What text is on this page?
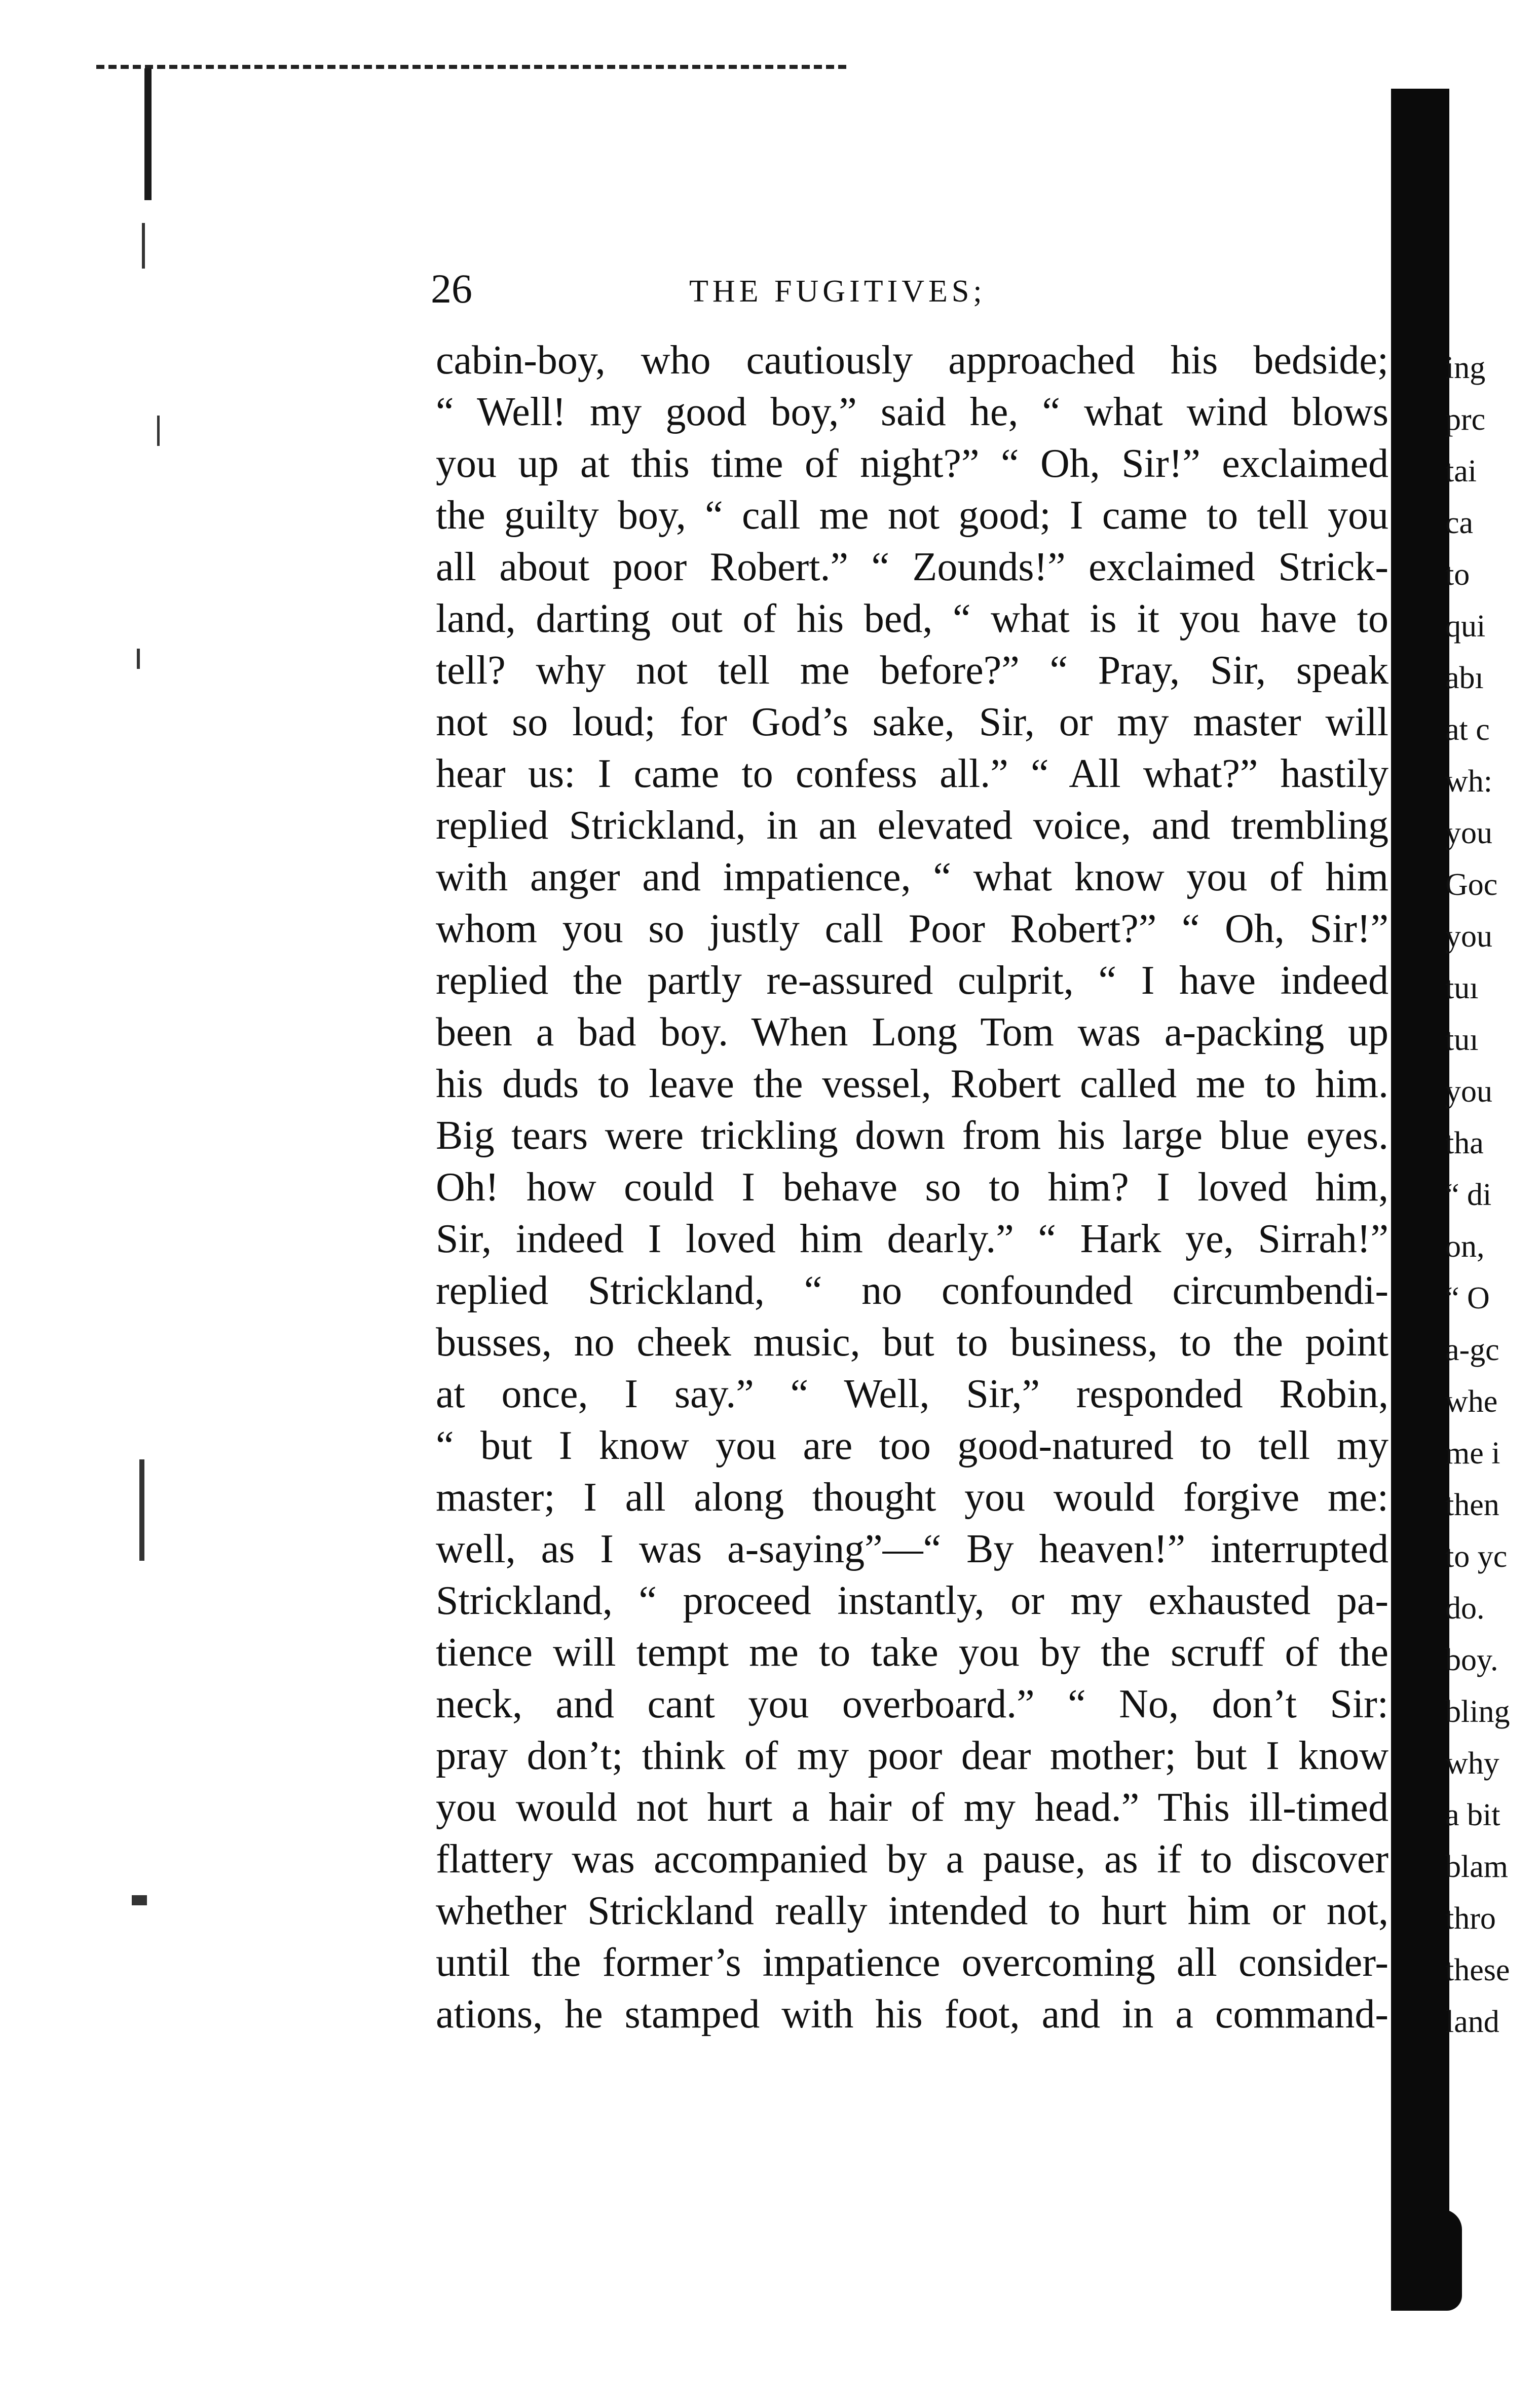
26	THE FUGITIVES;
cabin-boy, who cautiously approached his bedside;
“ Well! my good boy,” said he, “ what wind blows
you up at this time of night?” “ Oh, Sir!” exclaimed
the guilty boy, “ call me not good; I came to tell you
all about poor Robert.” “ Zounds!” exclaimed Strick-
land, darting out of his bed, “ what is it you have to
tell? why not tell me before?” “ Pray, Sir, speak
not so loud; for God’s sake, Sir, or my master will
hear us: I came to confess all.” “ All what?” hastily
replied Strickland, in an elevated voice, and trembling
with anger and impatience, “ what know you of him
whom you so justly call Poor Robert?” “ Oh, Sir!”
replied the partly re-assured culprit, “ I have indeed
been a bad boy. When Long Tom was a-packing up
his duds to leave the vessel, Robert called me to him.
Big tears were trickling down from his large blue eyes.
Oh! how could I behave so to him? I loved him,
Sir, indeed I loved him dearly.” “ Hark ye, Sirrah!”
replied Strickland, “ no confounded circumbendi-
busses, no cheek music, but to business, to the point
at once, I say.” “ Well, Sir,” responded Robin,
“ but I know you are too good-natured to tell my
master; I all along thought you would forgive me:
well, as I was a-saying”—“ By heaven!” interrupted
Strickland, “ proceed instantly, or my exhausted pa-
tience will tempt me to take you by the scruff of the
neck, and cant you overboard.” “ No, don’t Sir:
pray don’t; think of my poor dear mother; but I know
you would not hurt a hair of my head.” This ill-timed
flattery was accompanied by a pause, as if to discover
whether Strickland really intended to hurt him or not,
until the former’s impatience overcoming all consider-
ations, he stamped with his foot, and in a command-
ing
prc
tai
ca
to
qui
abı
at c
wh:
you
Goc
you
tuı
tuı
you
tha
“ di
on,
“ O
a-gc
whe
me i
then
to yc
do.
boy.
bling
why
a bit
blam
thro
these
land
